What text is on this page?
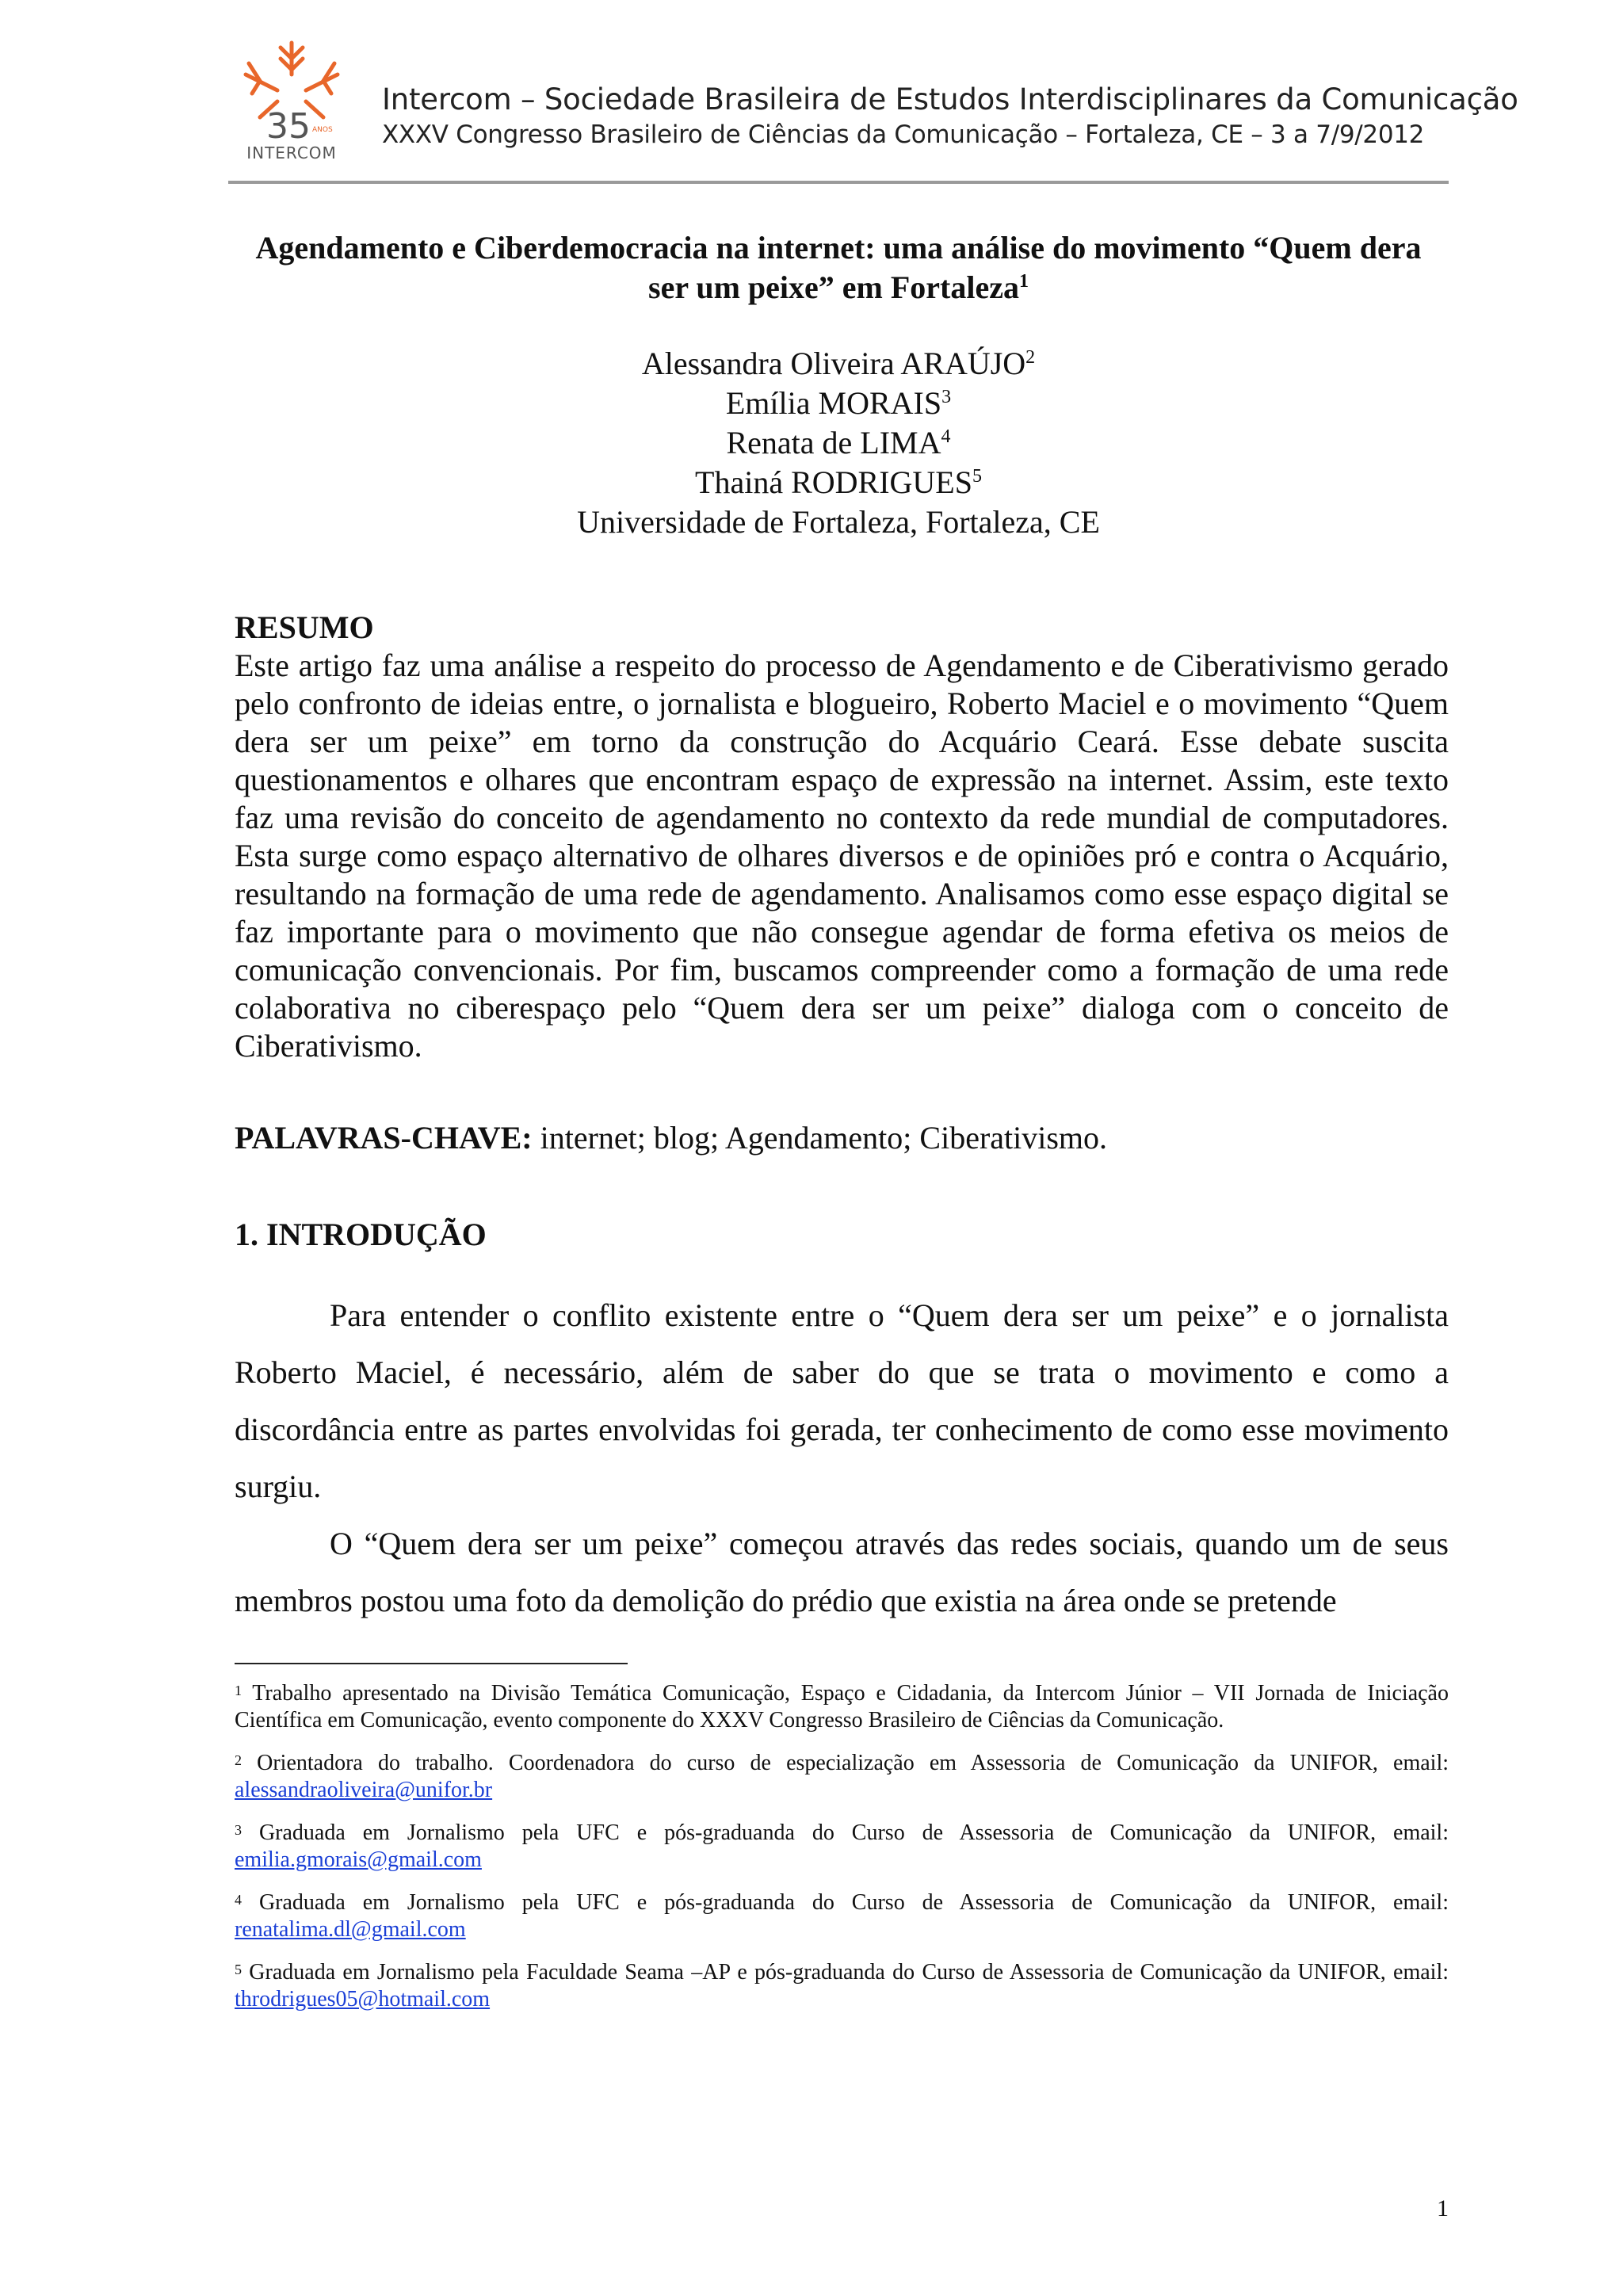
35 ANOS
INTERCOM
Intercom – Sociedade Brasileira de Estudos Interdisciplinares da Comunicação
XXXV Congresso Brasileiro de Ciências da Comunicação – Fortaleza, CE – 3 a 7/9/2012
Agendamento e Ciberdemocracia na internet: uma análise do movimento “Quem dera
ser um peixe” em Fortaleza$^1$
Alessandra Oliveira ARAÚJO$^2$
Emília MORAIS$^3$
Renata de LIMA$^4$
Thainá RODRIGUES$^5$
Universidade de Fortaleza, Fortaleza, CE
RESUMO
Este artigo faz uma análise a respeito do processo de Agendamento e de Ciberativismo gerado pelo confronto de ideias entre, o jornalista e blogueiro, Roberto Maciel e o movimento “Quem dera ser um peixe” em torno da construção do Acquário Ceará. Esse debate suscita questionamentos e olhares que encontram espaço de expressão na internet. Assim, este texto faz uma revisão do conceito de agendamento no contexto da rede mundial de computadores. Esta surge como espaço alternativo de olhares diversos e de opiniões pró e contra o Acquário, resultando na formação de uma rede de agendamento. Analisamos como esse espaço digital se faz importante para o movimento que não consegue agendar de forma efetiva os meios de comunicação convencionais. Por fim, buscamos compreender como a formação de uma rede colaborativa no ciberespaço pelo “Quem dera ser um peixe” dialoga com o conceito de Ciberativismo.
PALAVRAS-CHAVE: internet; blog; Agendamento; Ciberativismo.
1. INTRODUÇÃO

Para entender o conflito existente entre o “Quem dera ser um peixe” e o jornalista Roberto Maciel, é necessário, além de saber do que se trata o movimento e como a discordância entre as partes envolvidas foi gerada, ter conhecimento de como esse movimento surgiu.

O “Quem dera ser um peixe” começou através das redes sociais, quando um de seus membros postou uma foto da demolição do prédio que existia na área onde se pretende

$^1$ Trabalho apresentado na Divisão Temática Comunicação, Espaço e Cidadania, da Intercom Júnior – VII Jornada de Iniciação Científica em Comunicação, evento componente do XXXV Congresso Brasileiro de Ciências da Comunicação.

$^2$ Orientadora do trabalho. Coordenadora do curso de especialização em Assessoria de Comunicação da UNIFOR, email: alessandraoliveira@unifor.br

$^3$ Graduada em Jornalismo pela UFC e pós-graduanda do Curso de Assessoria de Comunicação da UNIFOR, email: emilia.gmorais@gmail.com

$^4$ Graduada em Jornalismo pela UFC e pós-graduanda do Curso de Assessoria de Comunicação da UNIFOR, email: renatalima.dl@gmail.com

$^5$ Graduada em Jornalismo pela Faculdade Seama –AP e pós-graduanda do Curso de Assessoria de Comunicação da UNIFOR, email: throdrigues05@hotmail.com

1
